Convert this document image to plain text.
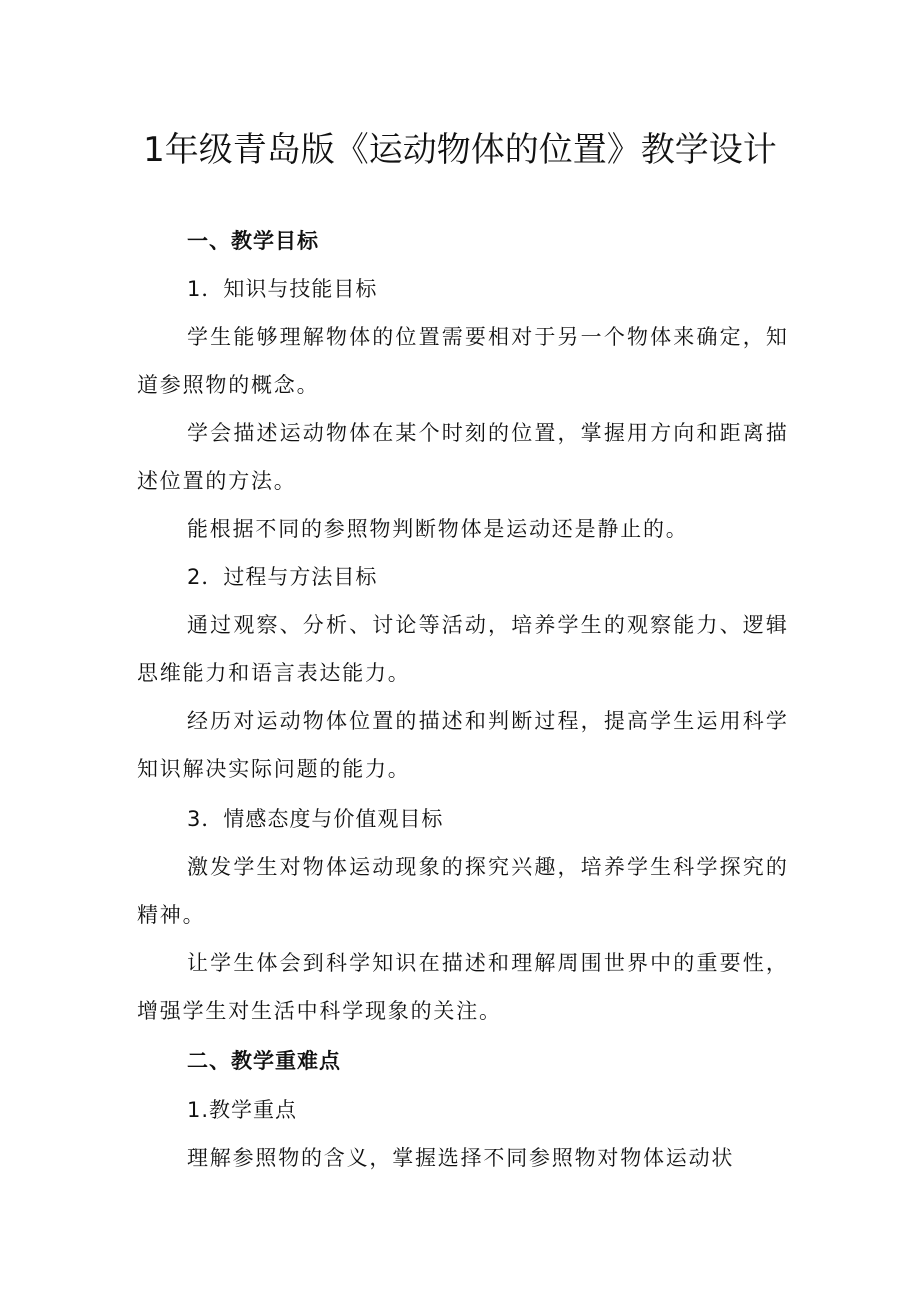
1年级青岛版《运动物体的位置》教学设计
一、教学目标
1．知识与技能目标
学 生 能 够 理 解 物 体 的 位 置 需 要 相 对 于 另 一 个 物 体 来 确 定 ， 知
道参照物的概念。
学 会 描 述 运 动 物 体 在 某 个 时 刻 的 位 置 ， 掌 握 用 方 向 和 距 离 描
述位置的方法。
能根据不同的参照物判断物体是运动还是静止的。
2．过程与方法目标
通 过 观 察 、 分 析 、 讨 论 等 活 动 ， 培 养 学 生 的 观 察 能 力 、 逻 辑
思维能力和语言表达能力。
经 历 对 运 动 物 体 位 置 的 描 述 和 判 断 过 程 ， 提 高 学 生 运 用 科 学
知识解决实际问题的能力。
3．情感态度与价值观目标
激 发 学 生 对 物 体 运 动 现 象 的 探 究 兴 趣 ， 培 养 学 生 科 学 探 究 的
精神。
让 学 生 体 会 到 科 学 知 识 在 描 述 和 理 解 周 围 世 界 中 的 重 要 性 ，
增强学生对生活中科学现象的关注。
二、教学重难点
1.教学重点
理解参照物的含义，掌握选择不同参照物对物体运动状
